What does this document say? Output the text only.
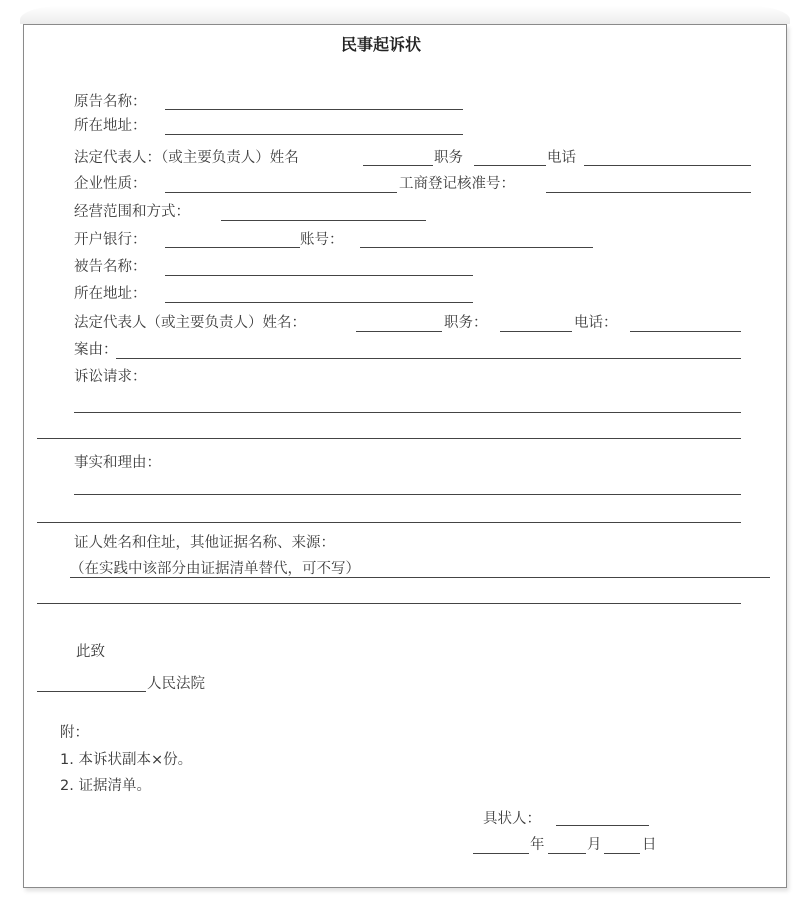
民事起诉状
原告名称：
所在地址：
法定代表人：（或主要负责人）姓名	职务	电话
企业性质：	工商登记核准号：
经营范围和方式：
开户银行：	账号：
被告名称：
所在地址：
法定代表人（或主要负责人）姓名：	职务：	电话：
案由：
诉讼请求：
事实和理由：
证人姓名和住址，其他证据名称、来源：
（在实践中该部分由证据清单替代，可不写）
此致
人民法院
附：
1. 本诉状副本×份。
2. 证据清单。
具状人：
年	月	日
